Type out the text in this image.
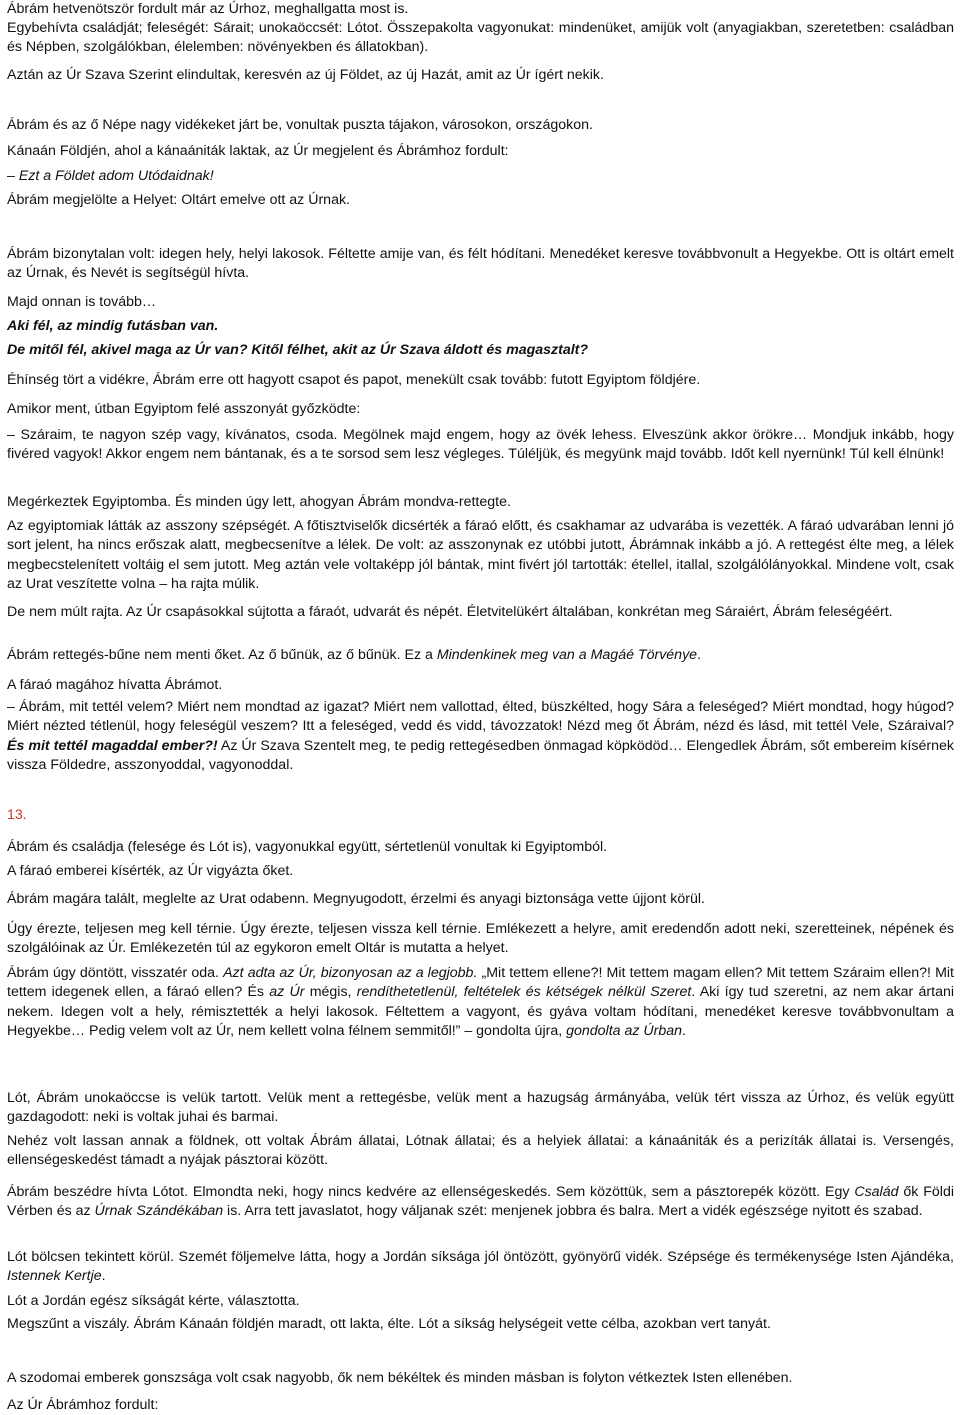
Ábrám hetvenötször fordult már az Úrhoz, meghallgatta most is.

Egybehívta családját; feleségét: Sárait; unokaöccsét: Lótot. Összepakolta vagyonukat: mindenüket, amijük volt (anyagiakban, szeretetben: családban és Népben, szolgálókban, élelemben: növényekben és állatokban).

Aztán az Úr Szava Szerint elindultak, keresvén az új Földet, az új Hazát, amit az Úr ígért nekik.

Ábrám és az ő Népe nagy vidékeket járt be, vonultak puszta tájakon, városokon, országokon.

Kánaán Földjén, ahol a kánaániták laktak, az Úr megjelent és Ábrámhoz fordult:

– Ezt a Földet adom Utódaidnak!

Ábrám megjelölte a Helyet: Oltárt emelve ott az Úrnak.

Ábrám bizonytalan volt: idegen hely, helyi lakosok. Féltette amije van, és félt hódítani. Menedéket keresve továbbvonult a Hegyekbe. Ott is oltárt emelt az Úrnak, és Nevét is segítségül hívta.

Majd onnan is tovább…

Aki fél, az mindig futásban van.

De mitől fél, akivel maga az Úr van? Kitől félhet, akit az Úr Szava áldott és magasztalt?

Éhínség tört a vidékre, Ábrám erre ott hagyott csapot és papot, menekült csak tovább: futott Egyiptom földjére.

Amikor ment, útban Egyiptom felé asszonyát győzködte:

– Száraim, te nagyon szép vagy, kívánatos, csoda. Megölnek majd engem, hogy az övék lehess. Elveszünk akkor örökre… Mondjuk inkább, hogy fivéred vagyok! Akkor engem nem bántanak, és a te sorsod sem lesz végleges. Túléljük, és megyünk majd tovább. Időt kell nyernünk! Túl kell élnünk!

Megérkeztek Egyiptomba. És minden úgy lett, ahogyan Ábrám mondva-rettegte.

Az egyiptomiak látták az asszony szépségét. A főtisztviselők dicsérték a fáraó előtt, és csakhamar az udvarába is vezették. A fáraó udvarában lenni jó sort jelent, ha nincs erőszak alatt, megbecsenítve a lélek. De volt: az asszonynak ez utóbbi jutott, Ábrámnak inkább a jó. A rettegést élte meg, a lélek megbecstelenített voltáig el sem jutott. Meg aztán vele voltaképp jól bántak, mint fivért jól tartották: étellel, itallal, szolgálólányokkal. Mindene volt, csak az Urat veszítette volna – ha rajta múlik.

De nem múlt rajta. Az Úr csapásokkal sújtotta a fáraót, udvarát és népét. Életvitelükért általában, konkrétan meg Sáraiért, Ábrám feleségéért.

Ábrám rettegés-bűne nem menti őket. Az ő bűnük, az ő bűnük. Ez a Mindenkinek meg van a Magáé Törvénye.

A fáraó magához hívatta Ábrámot.

– Ábrám, mit tettél velem? Miért nem mondtad az igazat? Miért nem vallottad, élted, büszkélted, hogy Sára a feleséged? Miért mondtad, hogy húgod? Miért nézted tétlenül, hogy feleségül veszem? Itt a feleséged, vedd és vidd, távozzatok! Nézd meg őt Ábrám, nézd és lásd, mit tettél Vele, Száraival? És mit tettél magaddal ember?! Az Úr Szava Szentelt meg, te pedig rettegésedben önmagad köpködöd… Elengedlek Ábrám, sőt embereim kísérnek vissza Földedre, asszonyoddal, vagyonoddal.

13.

Ábrám és családja (felesége és Lót is), vagyonukkal együtt, sértetlenül vonultak ki Egyiptomból.

A fáraó emberei kísérték, az Úr vigyázta őket.

Ábrám magára talált, meglelte az Urat odabenn. Megnyugodott, érzelmi és anyagi biztonsága vette újjont körül.

Úgy érezte, teljesen meg kell térnie. Úgy érezte, teljesen vissza kell térnie. Emlékezett a helyre, amit eredendőn adott neki, szeretteinek, népének és szolgálóinak az Úr. Emlékezetén túl az egykoron emelt Oltár is mutatta a helyet.

Ábrám úgy döntött, visszatér oda. Azt adta az Úr, bizonyosan az a legjobb. „Mit tettem ellene?! Mit tettem magam ellen? Mit tettem Száraim ellen?! Mit tettem idegenek ellen, a fáraó ellen? És az Úr mégis, rendíthetetlenül, feltételek és kétségek nélkül Szeret. Aki így tud szeretni, az nem akar ártani nekem. Idegen volt a hely, rémisztették a helyi lakosok. Féltettem a vagyont, és gyáva voltam hódítani, menedéket keresve továbbvonultam a Hegyekbe… Pedig velem volt az Úr, nem kellett volna félnem semmitől!” – gondolta újra, gondolta az Úrban.

Lót, Ábrám unokaöccse is velük tartott. Velük ment a rettegésbe, velük ment a hazugság ármányába, velük tért vissza az Úrhoz, és velük együtt gazdagodott: neki is voltak juhai és barmai.

Nehéz volt lassan annak a földnek, ott voltak Ábrám állatai, Lótnak állatai; és a helyiek állatai: a kánaániták és a perizíták állatai is. Versengés, ellenségeskedést támadt a nyájak pásztorai között.

Ábrám beszédre hívta Lótot. Elmondta neki, hogy nincs kedvére az ellenségeskedés. Sem közöttük, sem a pásztorepék között. Egy Család ők Földi Vérben és az Úrnak Szándékában is. Arra tett javaslatot, hogy váljanak szét: menjenek jobbra és balra. Mert a vidék egészsége nyitott és szabad.

Lót bölcsen tekintett körül. Szemét följemelve látta, hogy a Jordán síksága jól öntözött, gyönyörű vidék. Szépsége és termékenysége Isten Ajándéka, Istennek Kertje.

Lót a Jordán egész síkságát kérte, választotta.

Megszűnt a viszály. Ábrám Kánaán földjén maradt, ott lakta, élte. Lót a síkság helységeit vette célba, azokban vert tanyát.

A szodomai emberek gonszsága volt csak nagyobb, ők nem békéltek és minden másban is folyton vétkeztek Isten ellenében.

Az Úr Ábrámhoz fordult:
